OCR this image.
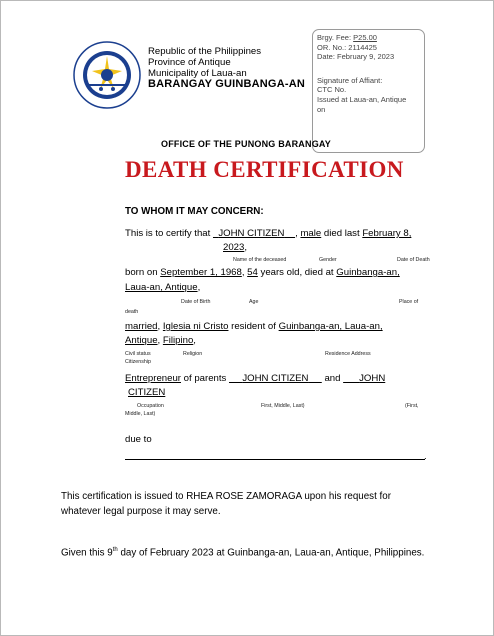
Republic of the Philippines
Province of Antique
Municipality of Laua-an
BARANGAY GUINBANGA-AN
Brgy. Fee: P25.00
OR. No.: 2114425
Date: February 9, 2023
Signature of Affiant:
CTC No.
Issued at Laua-an, Antique
on
OFFICE OF THE PUNONG BARANGAY
DEATH CERTIFICATION
TO WHOM IT MAY CONCERN:
This is to certify that JOHN CITIZEN , male died last February 8,
2023,
Name of the deceased	Gender	Date of Death
born on September 1, 1968, 54 years old, died at Guinbanga-an,
Laua-an, Antique,
Date of Birth	Age	Place of
death
married, Iglesia ni Cristo resident of Guinbanga-an, Laua-an,
Antique, Filipino,
Civil status	Religion	Residence Address
Citizenship
Entrepreneur of parents JOHN CITIZEN and JOHN
CITIZEN
Occupation	First, Middle, Last)	(First,
Middle, Last)
due to
.
This certification is issued to RHEA ROSE ZAMORAGA upon his request for
whatever legal purpose it may serve.
Given this 9th day of February 2023 at Guinbanga-an, Laua-an, Antique, Philippines.
